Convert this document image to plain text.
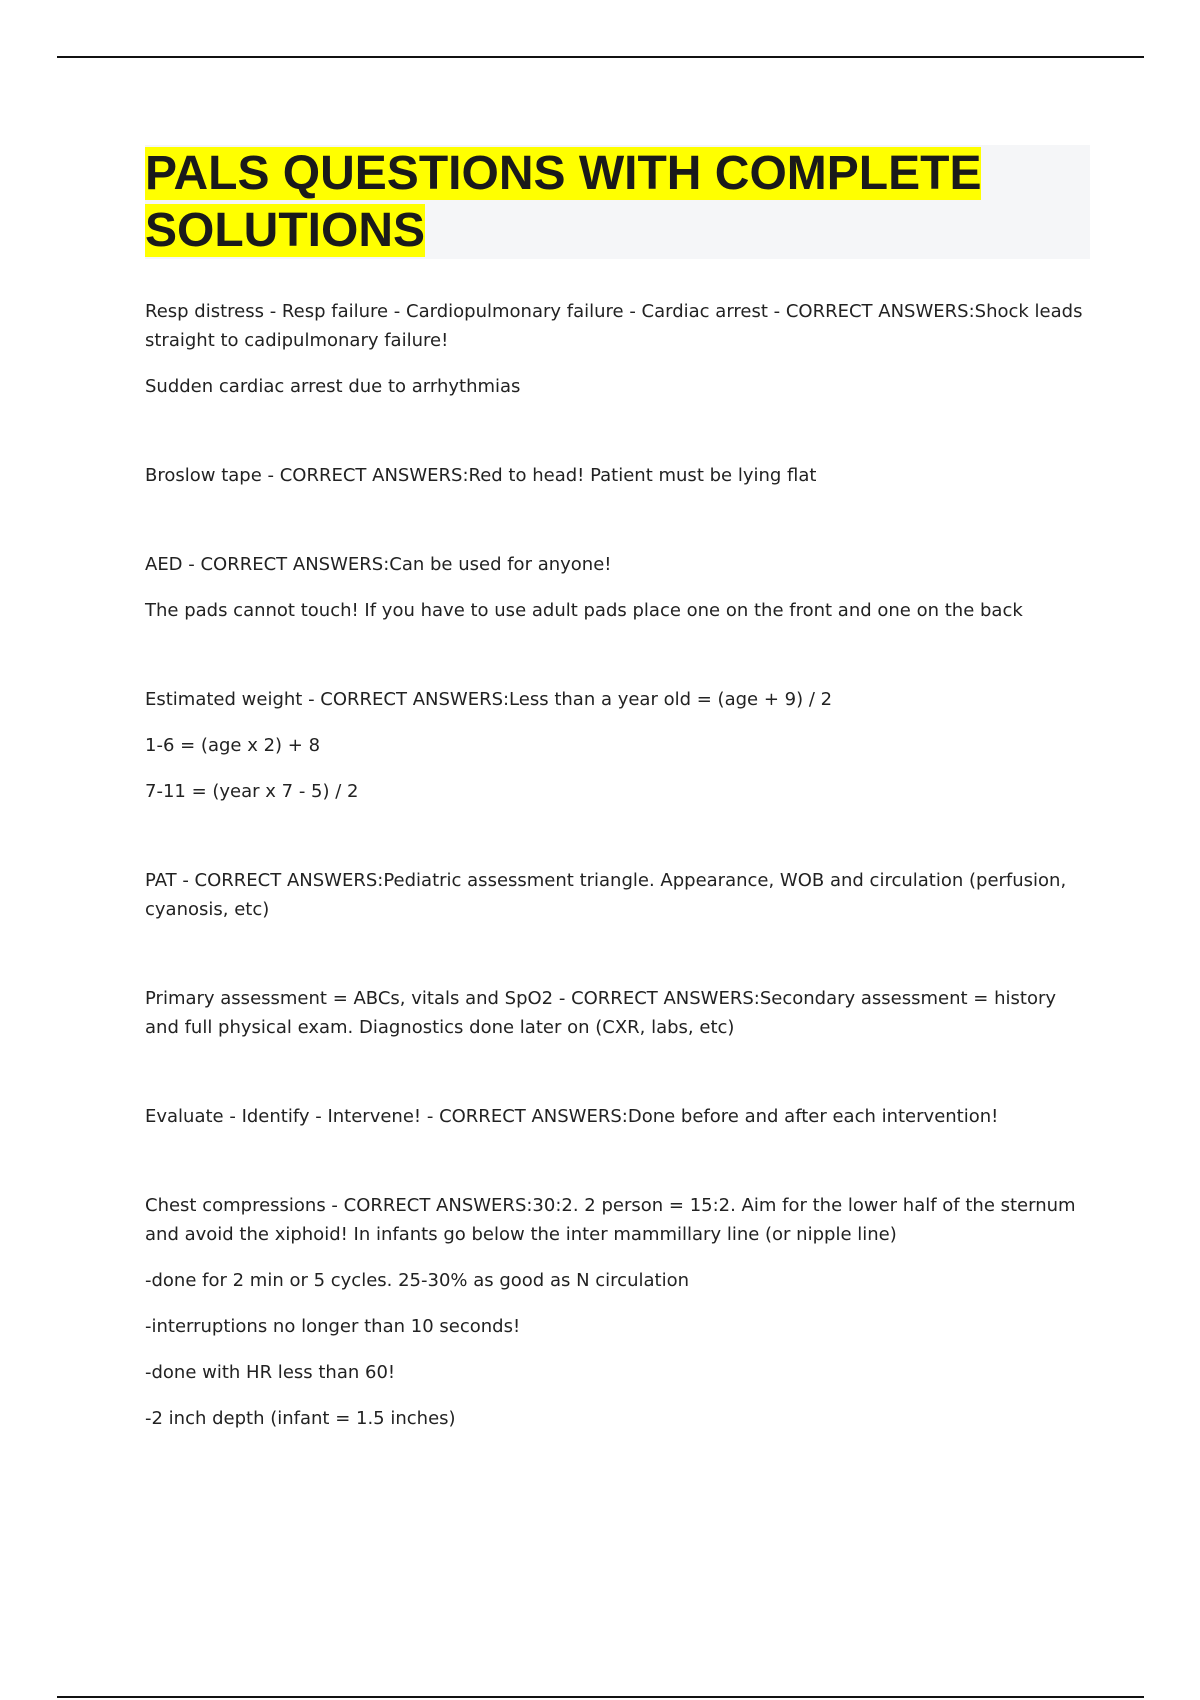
PALS QUESTIONS WITH COMPLETE SOLUTIONS

Resp distress - Resp failure - Cardiopulmonary failure - Cardiac arrest - CORRECT ANSWERS:Shock leads straight to cadipulmonary failure!

Sudden cardiac arrest due to arrhythmias

Broslow tape - CORRECT ANSWERS:Red to head! Patient must be lying flat

AED - CORRECT ANSWERS:Can be used for anyone!

The pads cannot touch! If you have to use adult pads place one on the front and one on the back

Estimated weight - CORRECT ANSWERS:Less than a year old = (age + 9) / 2

1-6 = (age x 2) + 8

7-11 = (year x 7 - 5) / 2

PAT - CORRECT ANSWERS:Pediatric assessment triangle. Appearance, WOB and circulation (perfusion, cyanosis, etc)

Primary assessment = ABCs, vitals and SpO2 - CORRECT ANSWERS:Secondary assessment = history and full physical exam. Diagnostics done later on (CXR, labs, etc)

Evaluate - Identify - Intervene! - CORRECT ANSWERS:Done before and after each intervention!

Chest compressions - CORRECT ANSWERS:30:2. 2 person = 15:2. Aim for the lower half of the sternum and avoid the xiphoid! In infants go below the inter mammillary line (or nipple line)

-done for 2 min or 5 cycles. 25-30% as good as N circulation

-interruptions no longer than 10 seconds!

-done with HR less than 60!

-2 inch depth (infant = 1.5 inches)
